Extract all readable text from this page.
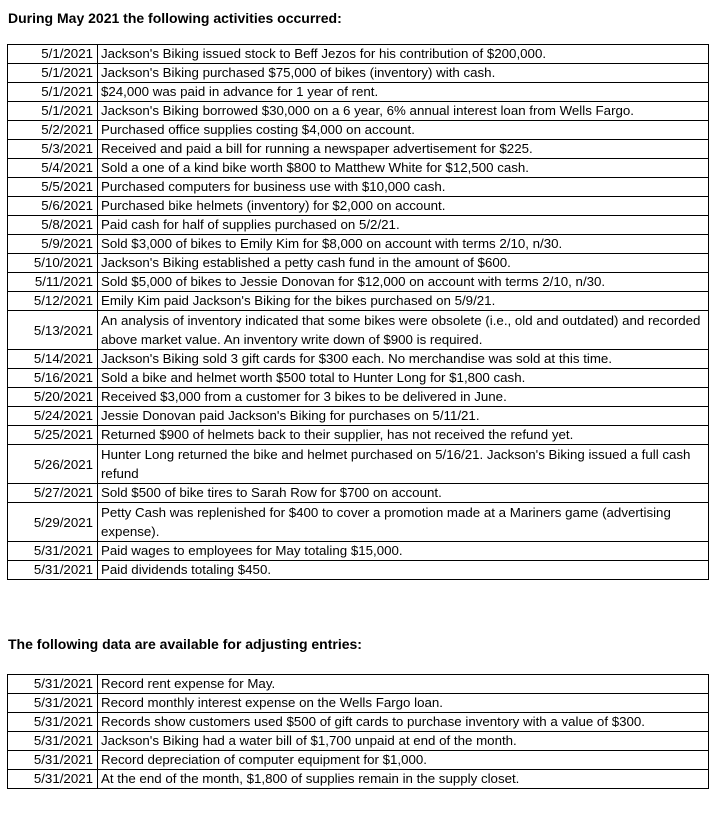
During May 2021 the following activities occurred:
5/1/2021	Jackson's Biking issued stock to Beff Jezos for his contribution of $200,000.
5/1/2021	Jackson's Biking purchased $75,000 of bikes (inventory) with cash.
5/1/2021	$24,000 was paid in advance for 1 year of rent.
5/1/2021	Jackson's Biking borrowed $30,000 on a 6 year, 6% annual interest loan from Wells Fargo.
5/2/2021	Purchased office supplies costing $4,000 on account.
5/3/2021	Received and paid a bill for running a newspaper advertisement for $225.
5/4/2021	Sold a one of a kind bike worth $800 to Matthew White for $12,500 cash.
5/5/2021	Purchased computers for business use with $10,000 cash.
5/6/2021	Purchased bike helmets (inventory) for $2,000 on account.
5/8/2021	Paid cash for half of supplies purchased on 5/2/21.
5/9/2021	Sold $3,000 of bikes to Emily Kim for $8,000 on account with terms 2/10, n/30.
5/10/2021	Jackson's Biking established a petty cash fund in the amount of $600.
5/11/2021	Sold $5,000 of bikes to Jessie Donovan for $12,000 on account with terms 2/10, n/30.
5/12/2021	Emily Kim paid Jackson's Biking for the bikes purchased on 5/9/21.
5/13/2021	An analysis of inventory indicated that some bikes were obsolete (i.e., old and outdated) and recorded above market value. An inventory write down of $900 is required.
5/14/2021	Jackson's Biking sold 3 gift cards for $300 each. No merchandise was sold at this time.
5/16/2021	Sold a bike and helmet worth $500 total to Hunter Long for $1,800 cash.
5/20/2021	Received $3,000 from a customer for 3 bikes to be delivered in June.
5/24/2021	Jessie Donovan paid Jackson's Biking for purchases on 5/11/21.
5/25/2021	Returned $900 of helmets back to their supplier, has not received the refund yet.
5/26/2021	Hunter Long returned the bike and helmet purchased on 5/16/21. Jackson's Biking issued a full cash refund
5/27/2021	Sold $500 of bike tires to Sarah Row for $700 on account.
5/29/2021	Petty Cash was replenished for $400 to cover a promotion made at a Mariners game (advertising expense).
5/31/2021	Paid wages to employees for May totaling $15,000.
5/31/2021	Paid dividends totaling $450.
The following data are available for adjusting entries:
5/31/2021	Record rent expense for May.
5/31/2021	Record monthly interest expense on the Wells Fargo loan.
5/31/2021	Records show customers used $500 of gift cards to purchase inventory with a value of $300.
5/31/2021	Jackson's Biking had a water bill of $1,700 unpaid at end of the month.
5/31/2021	Record depreciation of computer equipment for $1,000.
5/31/2021	At the end of the month, $1,800 of supplies remain in the supply closet.
